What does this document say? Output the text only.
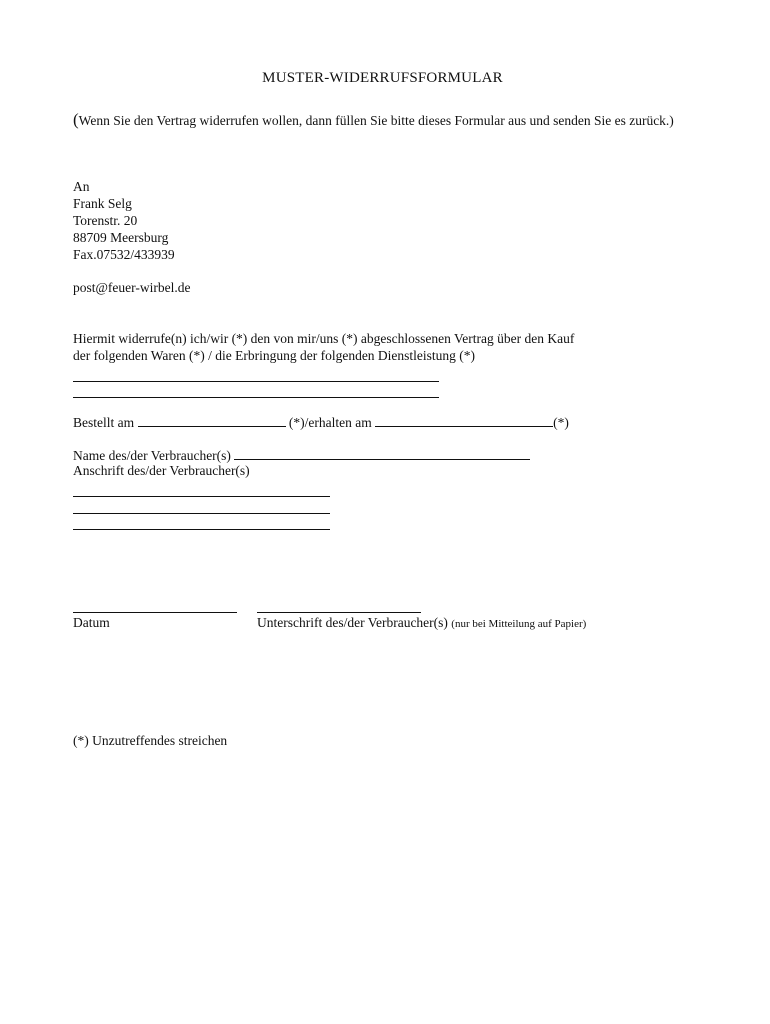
MUSTER-WIDERRUFSFORMULAR
(Wenn Sie den Vertrag widerrufen wollen, dann füllen Sie bitte dieses Formular aus und senden Sie es zurück.)
An
Frank Selg
Torenstr. 20
88709 Meersburg
Fax.07532/433939
post@feuer-wirbel.de
Hiermit widerrufe(n) ich/wir (*) den von mir/uns (*) abgeschlossenen Vertrag über den Kauf
der folgenden Waren (*) / die Erbringung der folgenden Dienstleistung (*)
Bestellt am	(*)/erhalten am	(*)
Name des/der Verbraucher(s)
Anschrift des/der Verbraucher(s)
Datum	Unterschrift des/der Verbraucher(s) (nur bei Mitteilung auf Papier)
(*) Unzutreffendes streichen
